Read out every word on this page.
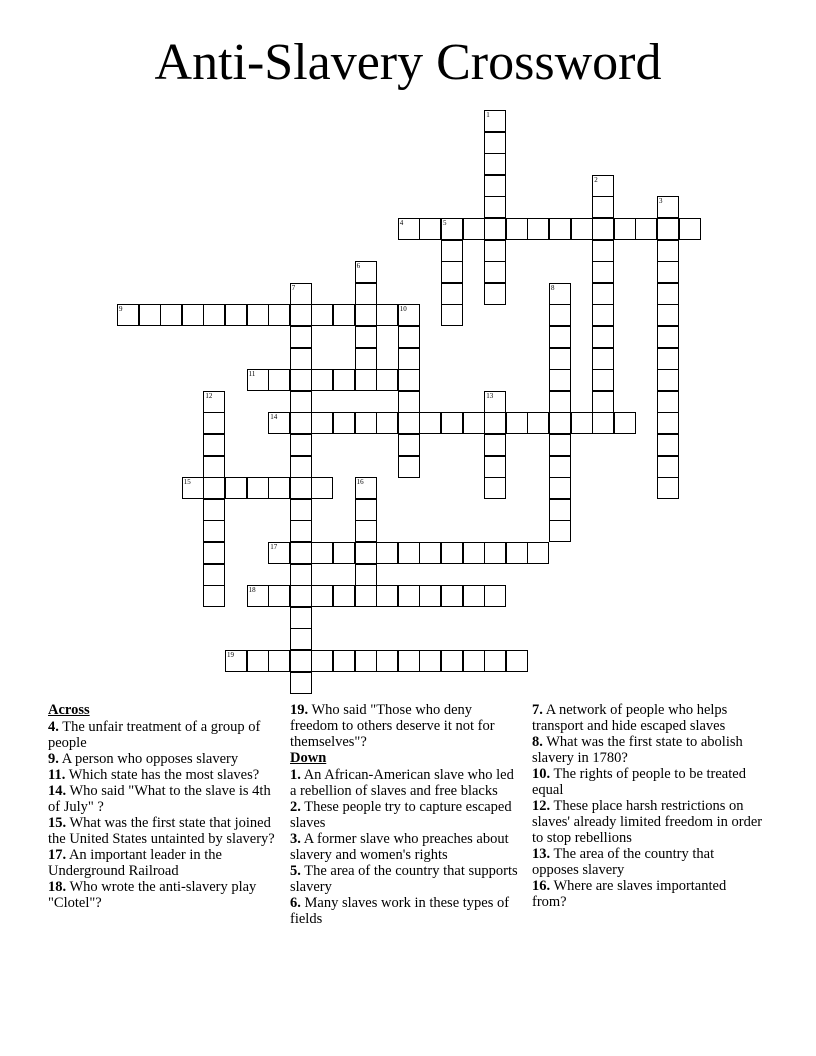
Anti-Slavery Crossword
1
2
3
4	5
6
7	8
9	10
11
12	13
14
15	16
17
18
19
Across
4. The unfair treatment of a group of people
9. A person who opposes slavery
11. Which state has the most slaves?
14. Who said "What to the slave is 4th of July" ?
15. What was the first state that joined the United States untainted by slavery?
17. An important leader in the Underground Railroad
18. Who wrote the anti-slavery play "Clotel"?
19. Who said "Those who deny freedom to others deserve it not for themselves"?
Down
1. An African-American slave who led a rebellion of slaves and free blacks
2. These people try to capture escaped slaves
3. A former slave who preaches about slavery and women's rights
5. The area of the country that supports slavery
6. Many slaves work in these types of fields
7. A network of people who helps transport and hide escaped slaves
8. What was the first state to abolish slavery in 1780?
10. The rights of people to be treated equal
12. These place harsh restrictions on slaves' already limited freedom in order to stop rebellions
13. The area of the country that opposes slavery
16. Where are slaves importanted from?
